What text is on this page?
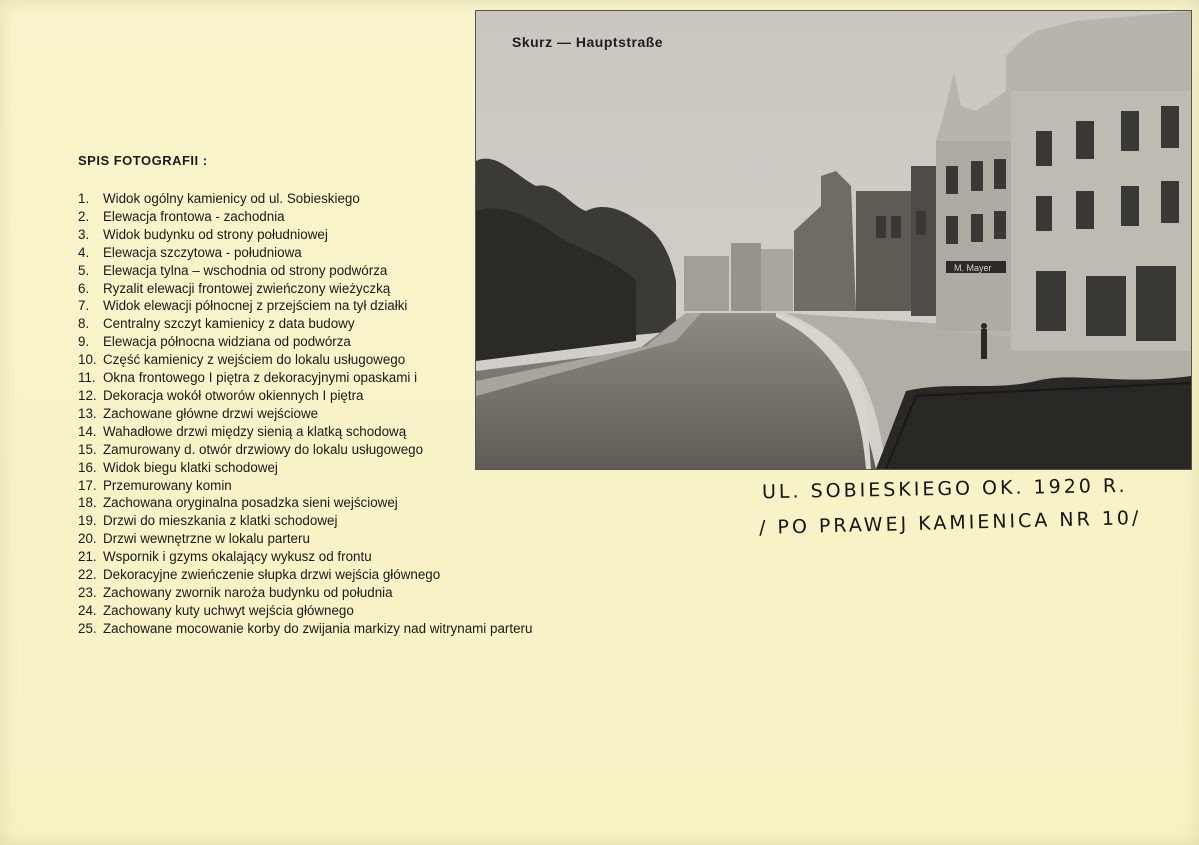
SPIS FOTOGRAFII :
1.	Widok ogólny kamienicy od ul. Sobieskiego
2.	Elewacja frontowa - zachodnia
3.	Widok budynku od strony południowej
4.	Elewacja szczytowa - południowa
5.	Elewacja tylna – wschodnia od strony podwórza
6.	Ryzalit elewacji frontowej zwieńczony wieżyczką
7.	Widok elewacji północnej z przejściem na tył działki
8.	Centralny szczyt kamienicy z data budowy
9.	Elewacja północna widziana od podwórza
10. Część kamienicy z wejściem do lokalu usługowego
11. Okna frontowego I piętra z dekoracyjnymi opaskami i
12. Dekoracja wokół otworów okiennych I piętra
13. Zachowane główne drzwi wejściowe
14. Wahadłowe drzwi między sienią a klatką schodową
15. Zamurowany d. otwór drzwiowy do lokalu usługowego
16. Widok biegu klatki schodowej
17. Przemurowany komin
18. Zachowana oryginalna posadzka sieni wejściowej
19. Drzwi do mieszkania z klatki schodowej
20. Drzwi wewnętrzne w lokalu parteru
21. Wspornik i gzyms okalający wykusz od frontu
22. Dekoracyjne zwieńczenie słupka drzwi wejścia głównego
23. Zachowany zwornik naroża budynku od południa
24. Zachowany kuty uchwyt wejścia głównego
25. Zachowane mocowanie korby do zwijania markizy nad witrynami parteru
M. Mayer
Skurz — Hauptstraße
UL. SOBIESKIEGO OK. 1920 R.
/ PO PRAWEJ KAMIENICA NR 10/
